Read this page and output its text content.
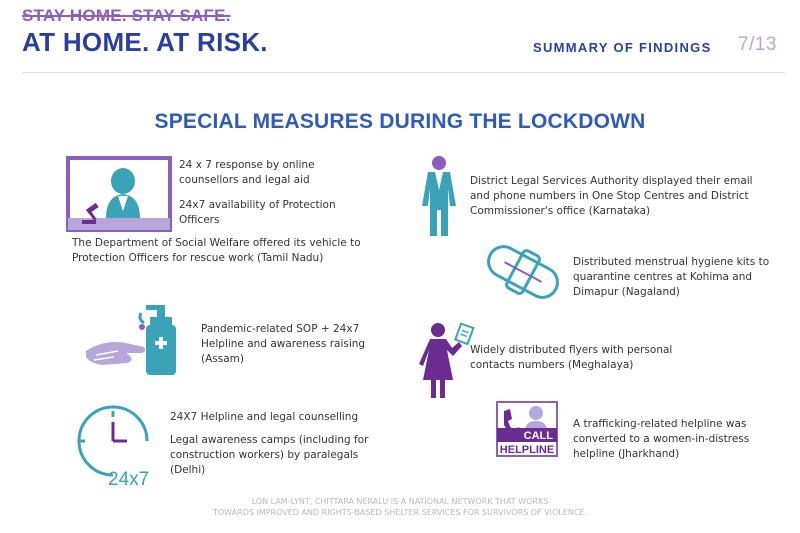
STAY HOME. STAY SAFE.
AT HOME. AT RISK.	SUMMARY OF FINDINGS 7/13
SPECIAL MEASURES DURING THE LOCKDOWN
24 x 7 response by online counsellors and legal aid
24x7 availability of Protection Officers
The Department of Social Welfare offered its vehicle to Protection Officers for rescue work (Tamil Nadu)
Pandemic-related SOP + 24x7 Helpline and awareness raising (Assam)
24x7
24X7 Helpline and legal counselling
Legal awareness camps (including for construction workers) by paralegals (Delhi)
District Legal Services Authority displayed their email and phone numbers in One Stop Centres and District Commissioner's office (Karnataka)
Distributed menstrual hygiene kits to quarantine centres at Kohima and Dimapur (Nagaland)
Widely distributed flyers with personal contacts numbers (Meghalaya)
CALL
HELPLINE
A trafficking-related helpline was converted to a women-in-distress helpline (Jharkhand)
LON LAM-LYNT, CHITTARA NERALU IS A NATIONAL NETWORK THAT WORKS
TOWARDS IMPROVED AND RIGHTS-BASED SHELTER SERVICES FOR SURVIVORS OF VIOLENCE.
